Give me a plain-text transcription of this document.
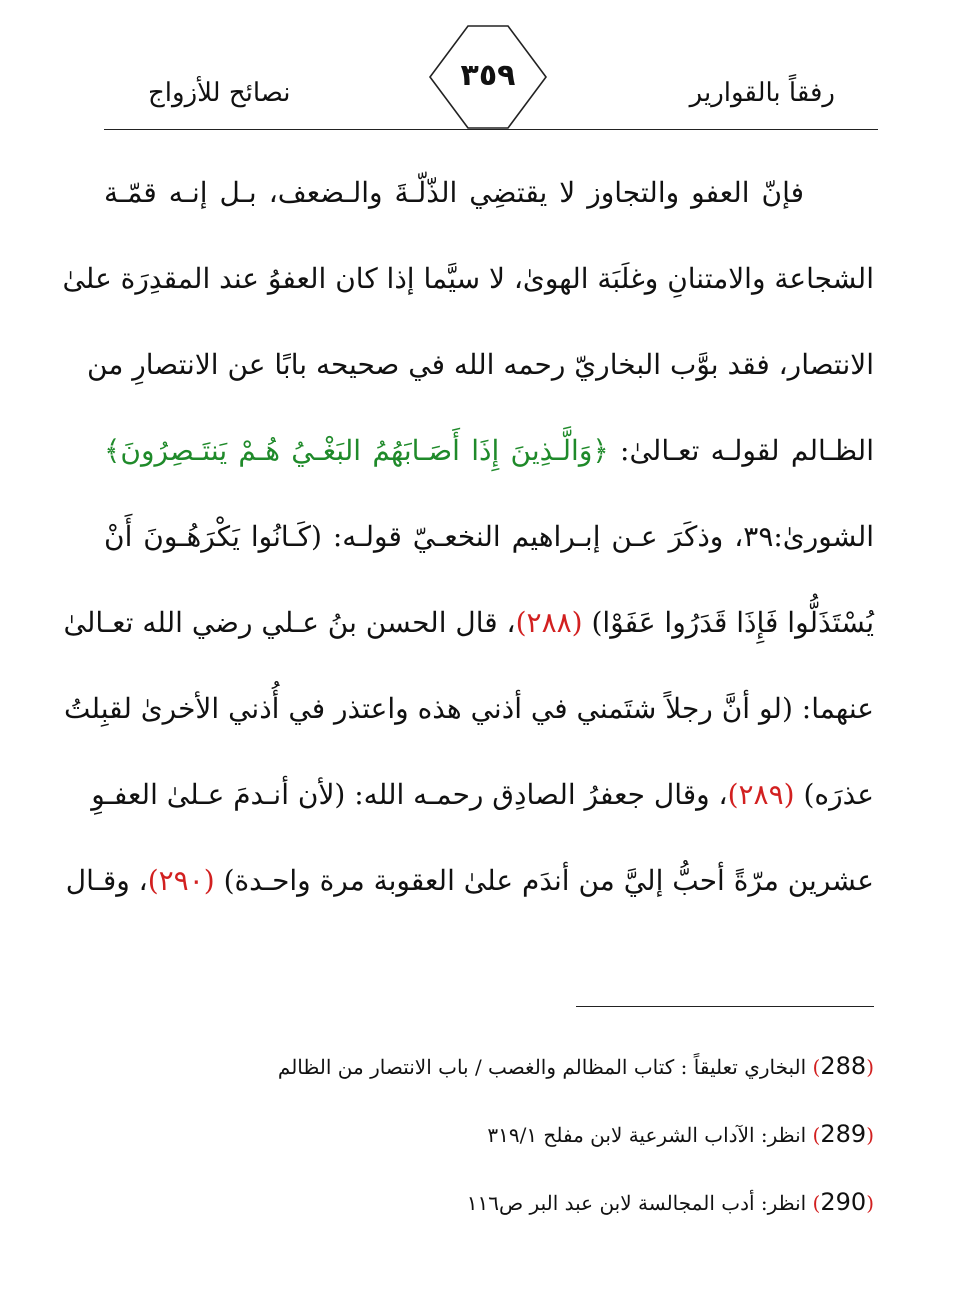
رفقاً بالقوارير
نصائح للأزواج	٣٥٩
فإنّ العفو والتجاوز لا يقتضِي الذّلّـةَ والـضعف، بـل إنـه قمّـة
الشجاعة والامتنانِ وغلَبَة الهوىٰ، لا سيَّما إذا كان العفوُ عند المقدِرَة علىٰ
الانتصار، فقد بوَّب البخاريّ رحمه الله في صحيحه بابًا عن الانتصارِ من
الظـالم لقولـه تعـالىٰ: ﴿وَالَّـذِينَ إِذَا أَصَـابَهُمُ البَغْـيُ هُـمْ يَنتَـصِرُونَ﴾
الشورىٰ:٣٩، وذكَرَ عـن إبـراهيم النخعـيّ قولـه: (كَـانُوا يَكْرَهُـونَ أَنْ
يُسْتَذَلُّوا فَإِذَا قَدَرُوا عَفَوْا) (٢٨٨)، قال الحسن بنُ عـلي رضي الله تعـالىٰ
عنهما: (لو أنَّ رجلاً شتَمني في أذني هذه واعتذر في أُذني الأخرىٰ لقبِلتُ
عذرَه) (٢٨٩)، وقال جعفرُ الصادِق رحمـه الله: (لأن أنـدمَ عـلىٰ العفـوِ
عشرين مرّةً أحبُّ إليَّ من أندَم علىٰ العقوبة مرة واحـدة) (٢٩٠)، وقـال
(288) البخاري تعليقاً : كتاب المظالم والغصب / باب الانتصار من الظالم
(289) انظر: الآداب الشرعية لابن مفلح ٣١٩/١
(290) انظر: أدب المجالسة لابن عبد البر ص١١٦
